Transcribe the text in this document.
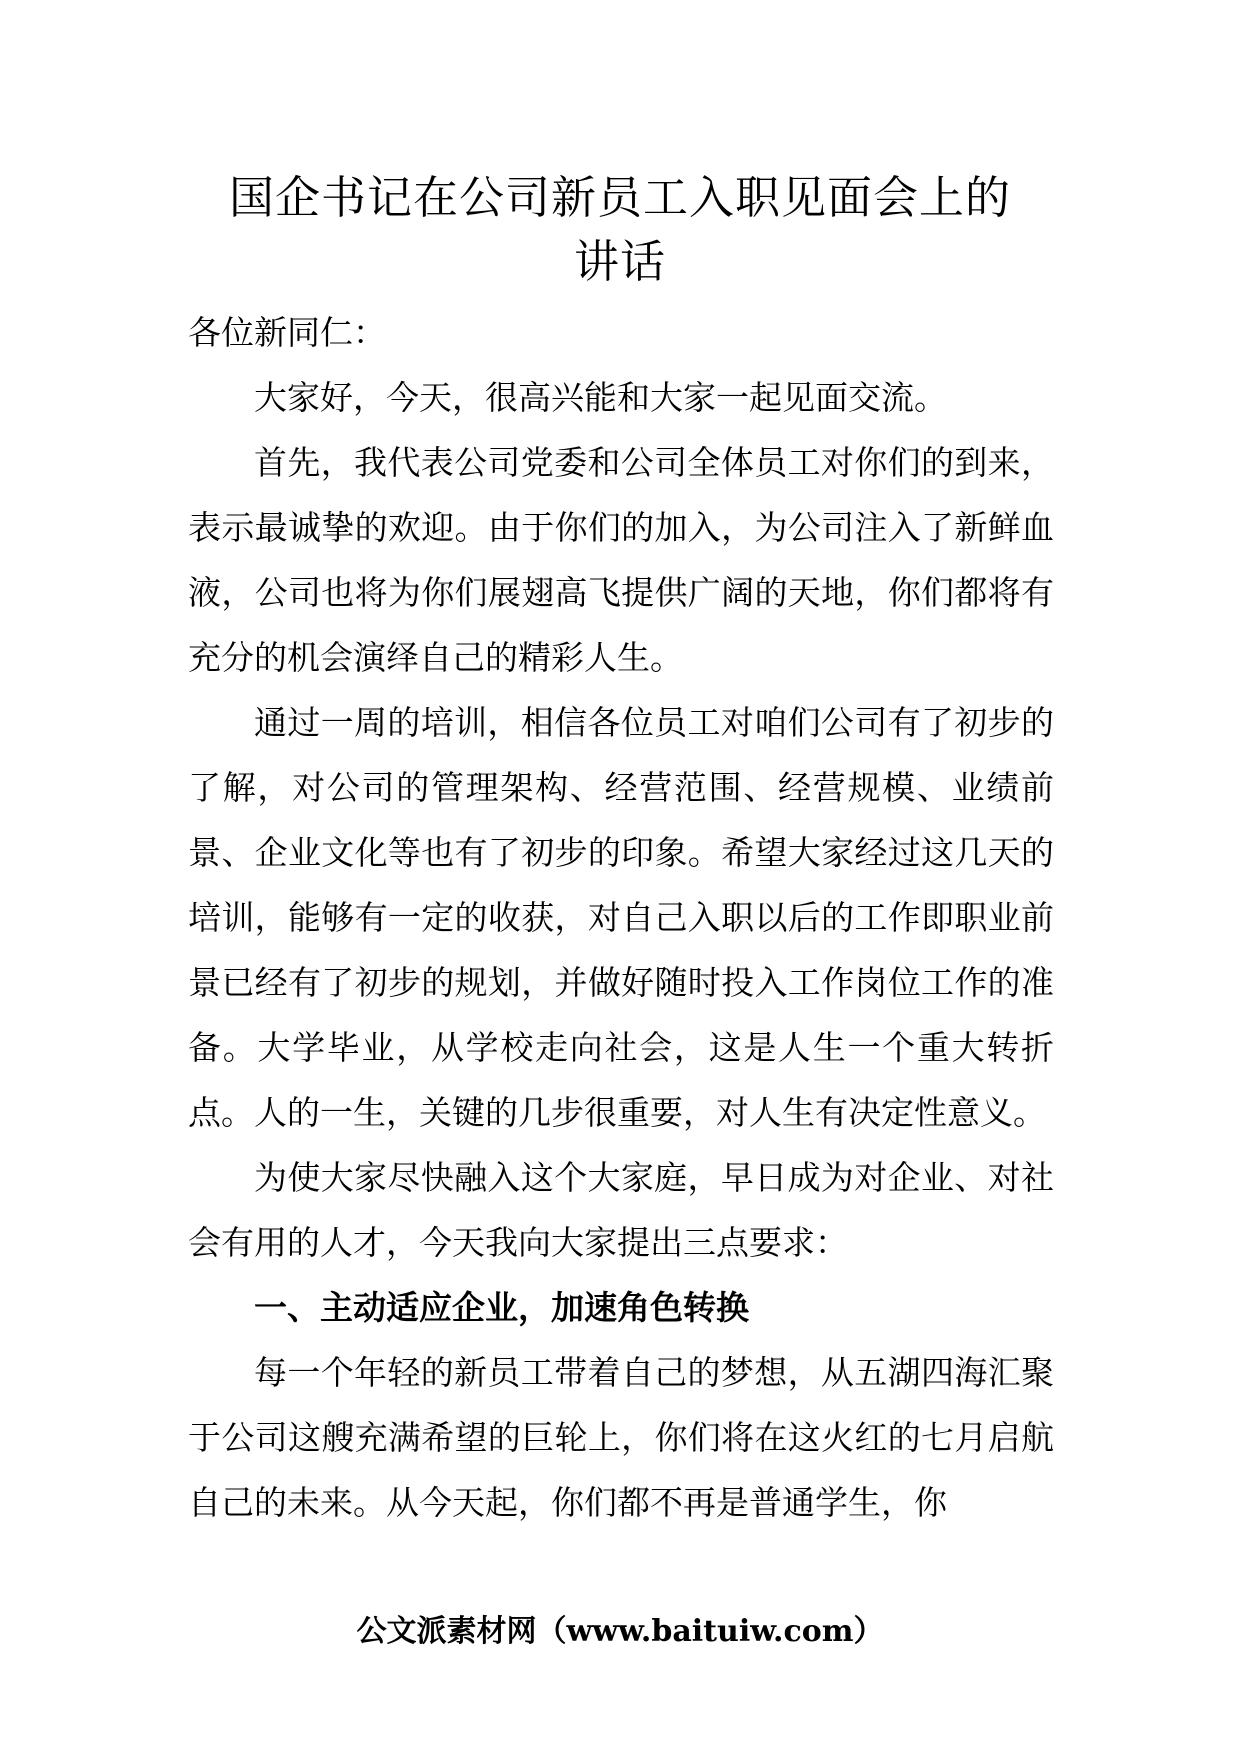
国企书记在公司新员工入职见面会上的
讲话

各位新同仁：

大家好，今天，很高兴能和大家一起见面交流。

首先，我代表公司党委和公司全体员工对你们的到来，表示最诚挚的欢迎。由于你们的加入，为公司注入了新鲜血液，公司也将为你们展翅高飞提供广阔的天地，你们都将有充分的机会演绎自己的精彩人生。

通过一周的培训，相信各位员工对咱们公司有了初步的了解，对公司的管理架构、经营范围、经营规模、业绩前景、企业文化等也有了初步的印象。希望大家经过这几天的培训，能够有一定的收获，对自己入职以后的工作即职业前景已经有了初步的规划，并做好随时投入工作岗位工作的准备。大学毕业，从学校走向社会，这是人生一个重大转折点。人的一生，关键的几步很重要，对人生有决定性意义。

为使大家尽快融入这个大家庭，早日成为对企业、对社会有用的人才，今天我向大家提出三点要求：

一、主动适应企业，加速角色转换

每一个年轻的新员工带着自己的梦想，从五湖四海汇聚于公司这艘充满希望的巨轮上，你们将在这火红的七月启航自己的未来。从今天起，你们都不再是普通学生，你

公文派素材网（www.baituiw.com）
